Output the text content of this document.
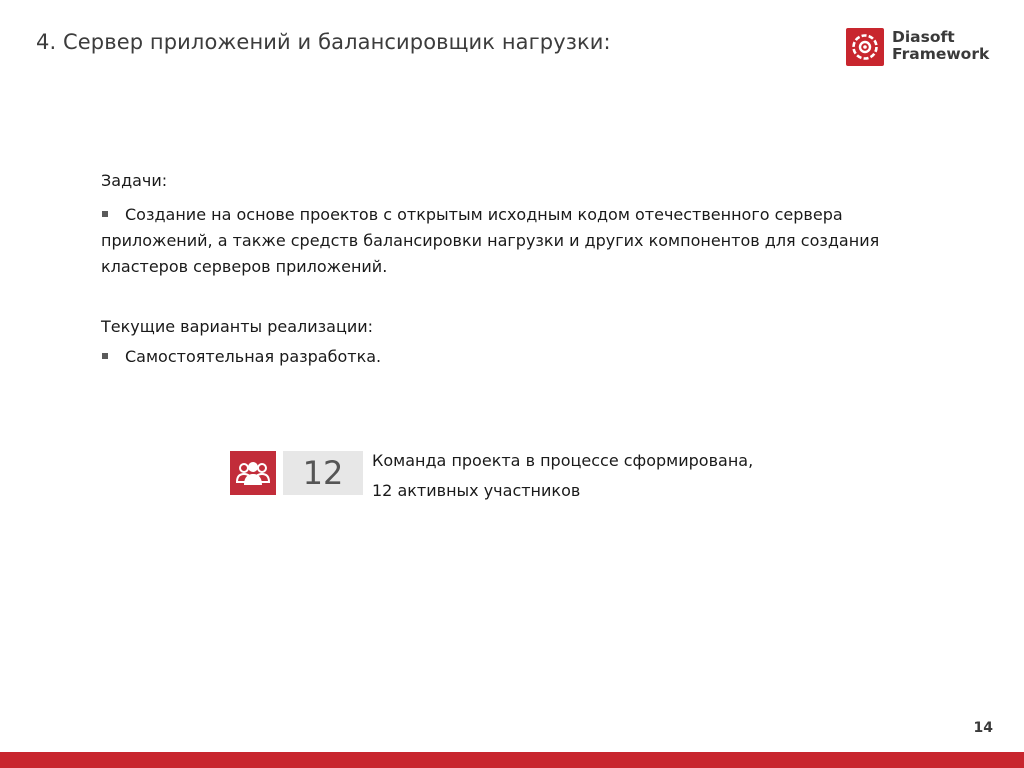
4. Сервер приложений и балансировщик нагрузки:	Diasoft
Framework
Задачи:
Создание на основе проектов с открытым исходным кодом отечественного сервера приложений, а также средств балансировки нагрузки и других компонентов для создания кластеров серверов приложений.
Текущие варианты реализации:
Самостоятельная разработка.
12	Команда проекта в процессе сформирована,
12 активных участников
14
